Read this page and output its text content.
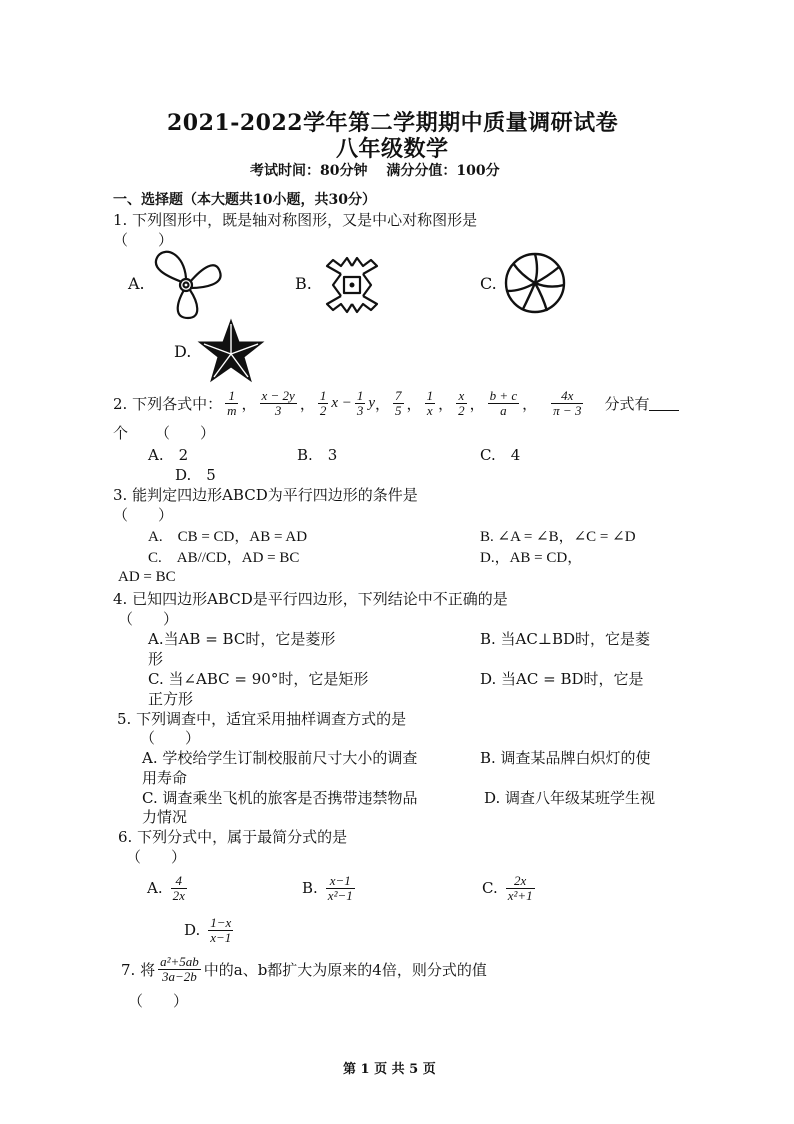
2021-2022学年第二学期期中质量调研试卷
八年级数学
考试时间：80分钟　 满分分值：100分
一、选择题（本大题共10小题，共30分）
1. 下列图形中，既是轴对称图形，又是中心对称图形是
（　　）
A.	B.	C.
D.
2. 下列各式中： $\frac{1}{m}$ ， $\frac{x - 2y}{3}$ ， $\frac{1}{2}$ $x - \frac{1}{3}$ y ， $\frac{7}{5}$ ， $\frac{1}{x}$ ， $\frac{x}{2}$ ， $\frac{b + c}{a}$ ， $\frac{4x}{\pi - 3}$ 分式有
个 （　　）
A.　2	B.　3	C.　4
D.　5
3. 能判定四边形ABCD为平行四边形的条件是
（　　）
A.　CB = CD，AB = AD	B. ∠A = ∠B，∠C = ∠D
C.　AB//CD，AD = BC	D.，AB = CD，
AD = BC
4. 已知四边形ABCD是平行四边形，下列结论中不正确的是
（　　）
A.当AB = BC时，它是菱形	B. 当AC⊥BD时，它是菱
形
C. 当∠ABC = 90°时，它是矩形	D. 当AC = BD时，它是
正方形
5. 下列调查中，适宜采用抽样调查方式的是
（　　）
A. 学校给学生订制校服前尺寸大小的调查	B. 调查某品牌白炽灯的使
用寿命
C. 调查乘坐飞机的旅客是否携带违禁物品	D. 调查八年级某班学生视
力情况
6. 下列分式中，属于最简分式的是
（　　）
A. $\frac{4}{2x}$	B. $\frac{x-1}{\text{x²−1}}$	C. $\frac{2x}{\text{x²+1}}$
D. $\frac{1-x}{x-1}$
7. 将 $\frac{\text{a²+5ab}}{3a-2b}$ 中的a、b都扩大为原来的4倍，则分式的值
（　　）
第 1 页 共 5 页
